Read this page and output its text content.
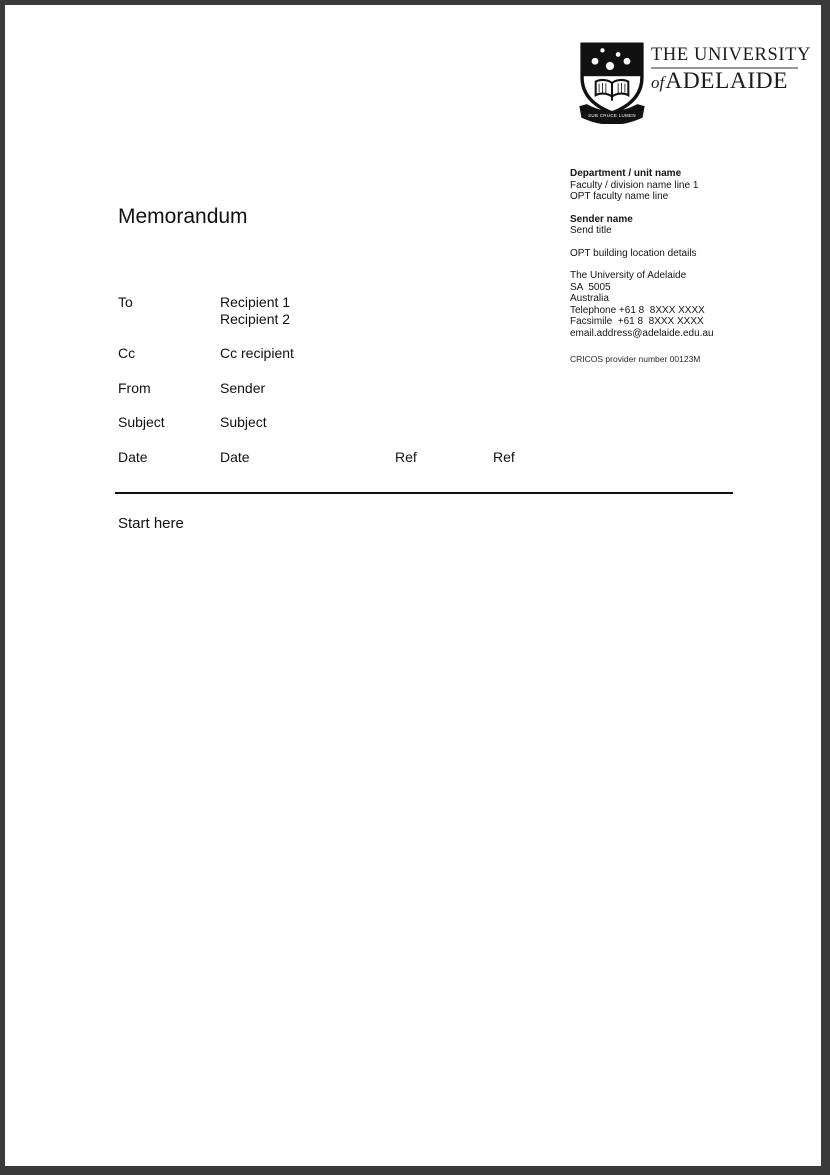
SUB CRUCE LUMEN
THE UNIVERSITY
of ADELAIDE
Memorandum
Department / unit name
Faculty / division name line 1
OPT faculty name line
Sender name
Send title
OPT building location details
The University of Adelaide
SA  5005
Australia
Telephone +61 8  8XXX XXXX
Facsimile  +61 8  8XXX XXXX
email.address@adelaide.edu.au
CRICOS provider number 00123M
To	Recipient 1
Recipient 2
Cc	Cc recipient
From	Sender
Subject	Subject
Date	Date	Ref	Ref
Start here
